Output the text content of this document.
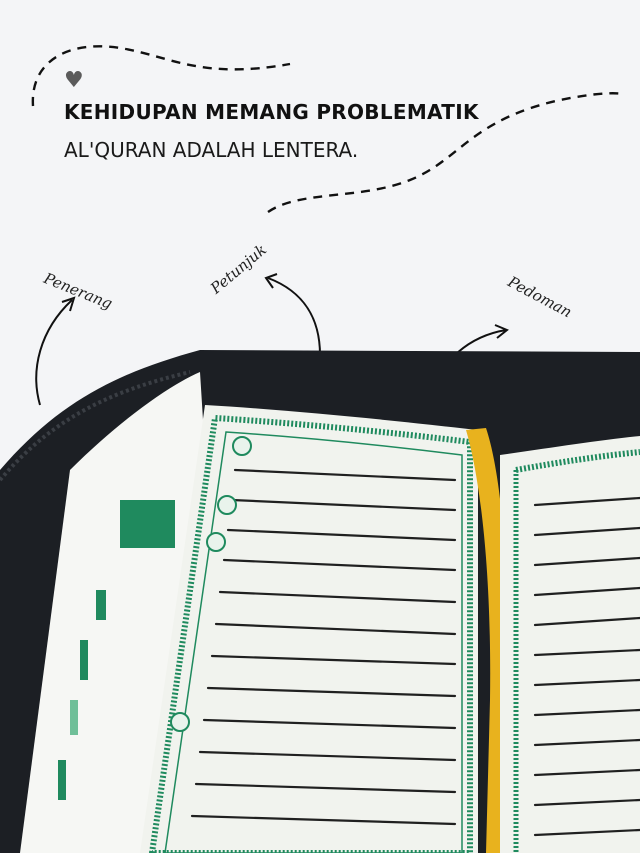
♥
KEHIDUPAN MEMANG PROBLEMATIK

AL'QURAN ADALAH LENTERA.

Penerang	Petunjuk	Pedoman
